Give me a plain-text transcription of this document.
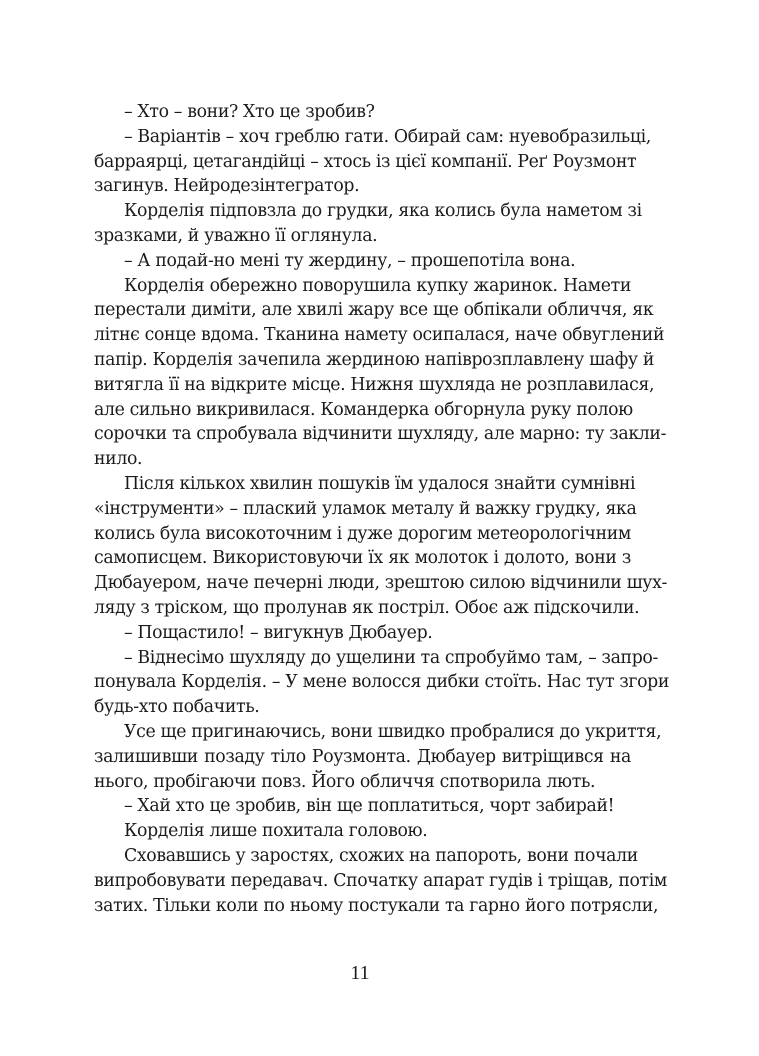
– Хто – вони? Хто це зробив?
– Варіантів – хоч греблю гати. Обирай сам: нуевобразильці,
барраярці, цетагандійці – хтось із цієї компанії. Реґ Роузмонт
загинув. Нейродезінтегратор.
Корделія підповзла до грудки, яка колись була наметом зі
зразками, й уважно її оглянула.
– А подай-но мені ту жердину, – прошепотіла вона.
Корделія обережно поворушила купку жаринок. Намети
перестали диміти, але хвилі жару все ще обпікали обличчя, як
літнє сонце вдома. Тканина намету осипалася, наче обвуглений
папір. Корделія зачепила жердиною напіврозплавлену шафу й
витягла її на відкрите місце. Нижня шухляда не розплавилася,
але сильно викривилася. Командерка обгорнула руку полою
сорочки та спробувала відчинити шухляду, але марно: ту закли-
нило.
Після кількох хвилин пошуків їм удалося знайти сумнівні
«інструменти» – плаский уламок металу й важку грудку, яка
колись була високоточним і дуже дорогим метеорологічним
самописцем. Використовуючи їх як молоток і долото, вони з
Дюбауером, наче печерні люди, зрештою силою відчинили шух-
ляду з тріском, що пролунав як постріл. Обоє аж підскочили.
– Пощастило! – вигукнув Дюбауер.
– Віднесімо шухляду до ущелини та спробуймо там, – запро-
понувала Корделія. – У мене волосся дибки стоїть. Нас тут згори
будь-хто побачить.
Усе ще пригинаючись, вони швидко пробралися до укриття,
залишивши позаду тіло Роузмонта. Дюбауер витріщився на
нього, пробігаючи повз. Його обличчя спотворила лють.
– Хай хто це зробив, він ще поплатиться, чорт забирай!
Корделія лише похитала головою.
Сховавшись у заростях, схожих на папороть, вони почали
випробовувати передавач. Спочатку апарат гудів і тріщав, потім
затих. Тільки коли по ньому постукали та гарно його потрясли,
11
